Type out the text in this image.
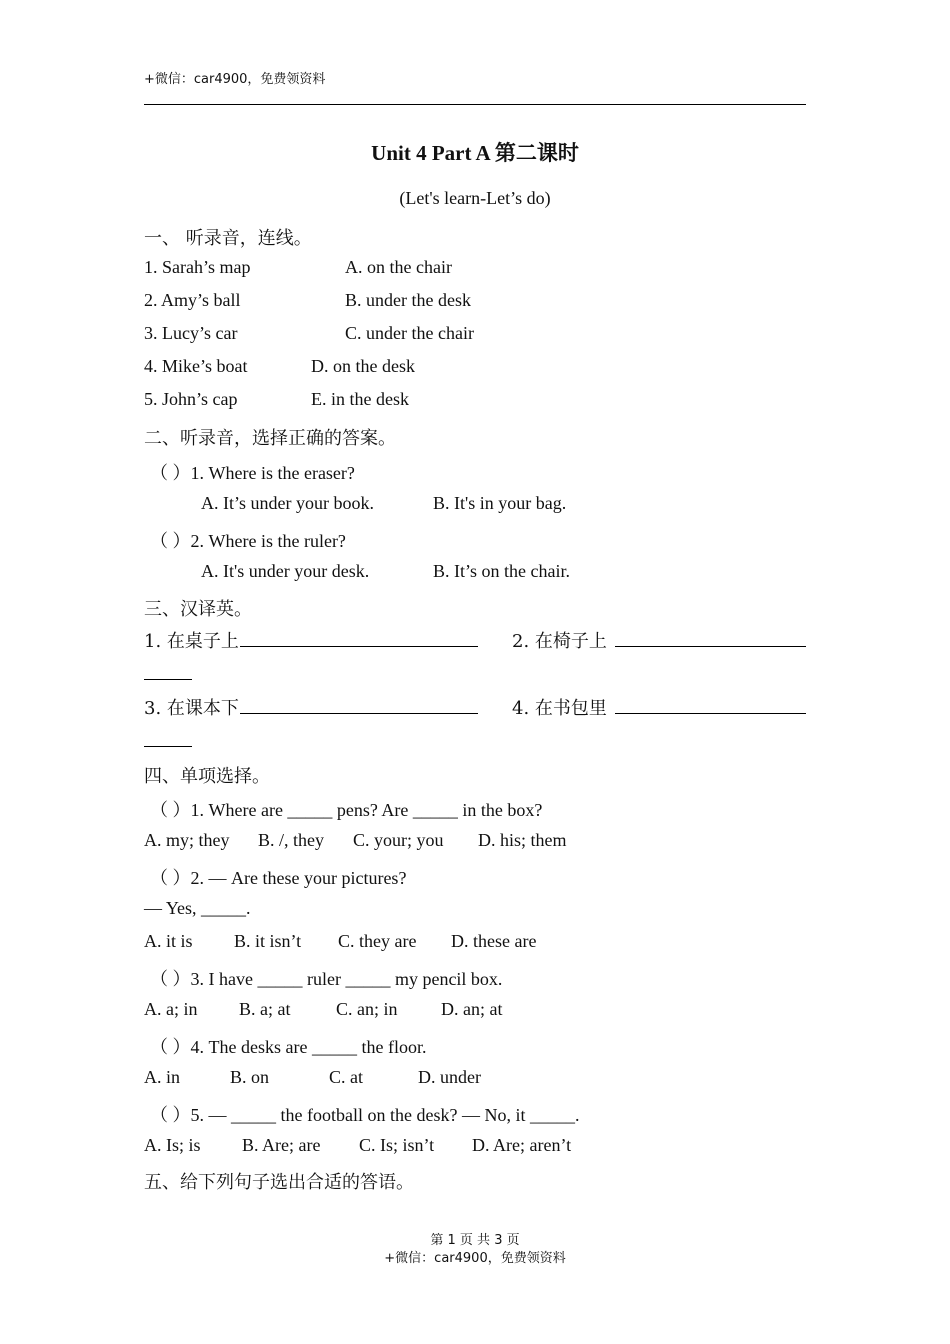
+微信：car4900，免费领资料
Unit 4 Part A 第二课时
(Let's learn-Let’s do)
一、 听录音，连线。
1. Sarah’s map	A. on the chair
2. Amy’s ball	B. under the desk
3. Lucy’s car	C. under the chair
4. Mike’s boat	D. on the desk
5. John’s cap	E. in the desk
二、听录音，选择正确的答案。
（ ）1. Where is the eraser?
A. It’s under your book.	B. It's in your bag.
（ ）2. Where is the ruler?
A. It's under your desk.	B. It’s on the chair.
三、汉译英。
1. 在桌子上	2. 在椅子上
3. 在课本下	4. 在书包里
四、单项选择。
（ ）1. Where are _____ pens? Are _____ in the box?
A. my; they B. /, they C. your; you D. his; them
（ ）2. — Are these your pictures?
— Yes, _____.
A. it is B. it isn’t C. they are D. these are
（ ）3. I have _____ ruler _____ my pencil box.
A. a; in B. a; at	C. an; in D. an; at
（ ）4. The desks are _____ the floor.
A. in	B. on	C. at	D. under
（ ）5. — _____ the football on the desk? — No, it _____.
A. Is; is B. Are; are C. Is; isn’t D. Are; aren’t
五、给下列句子选出合适的答语。
第 1 页 共 3 页
+微信：car4900，免费领资料
